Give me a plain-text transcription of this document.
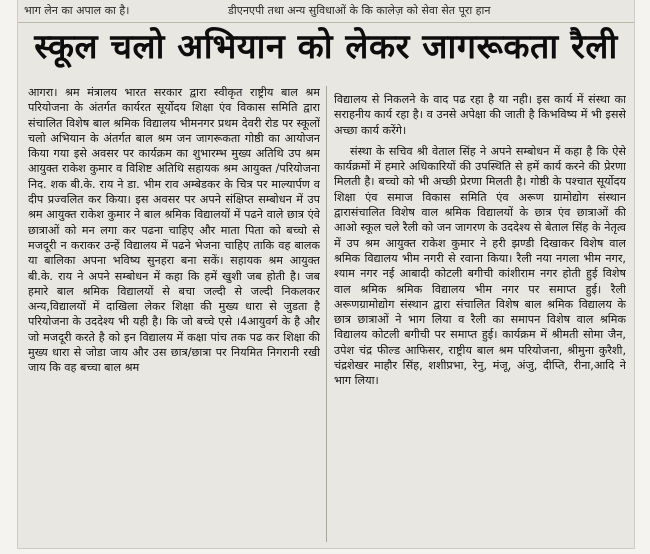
भाग लेन का अपाल का है।	डीएनएपी तथा अन्य सुविधाओं के कि कालेज़ को सेवा सेत पूरा हान
स्कूल चलो अभियान को लेकर जागरूकता रैली

आगरा। श्रम मंत्रालय भारत सरकार द्वारा स्वीकृत राष्ट्रीय बाल श्रम परियोजना के अंतर्गत कार्यरत सूर्योदय शिक्षा एंव विकास समिति द्वारा संचालित विशेष बाल श्रमिक विद्यालय भीमनगर प्रथम देवरी रोड पर स्कूलों चलो अभियान के अंतर्गत बाल श्रम जन जागरूकता गोष्ठी का आयोजन किया गया इसे अवसर पर कार्यक्रम का शुभारम्भ मुख्य अतिथि उप श्रम आयुक्त राकेश कुमार व विशिष्ट अतिथि सहायक श्रम आयुक्त /परियोजना निद. शक बी.के. राय ने डा. भीम राव अम्बेडकर के चित्र पर माल्यार्पण व दीप प्रज्वलित कर किया। इस अवसर पर अपने संक्षिप्त सम्बोधन में उप श्रम आयुक्त राकेश कुमार ने बाल श्रमिक विद्यालयों में पढने वाले छात्र एंवे छात्राओं को मन लगा कर पढना चाहिए और माता पिता को बच्चो से मजदूरी न कराकर उन्हें विद्यालय में पढने भेजना चाहिए ताकि वह बालक या बालिका अपना भविष्य सुनहरा बना सकें। सहायक श्रम आयुक्त बी.के. राय ने अपने सम्बोधन में कहा कि हमें खुशी जब होती है। जब हमारे बाल श्रमिक विद्यालयों से बचा जल्दी से जल्दी निकलकर अन्य,विद्यालयों में दाखिला लेकर शिक्षा की मुख्य धारा से जुडता है परियोजना के उददेश्य भी यही है। कि जो बच्चे एसे ।4आयुवर्ग के है और जो मजदूरी करते है को इन विद्यालय में कक्षा पांच तक पढ कर शिक्षा की मुख्य धारा से जोडा जाय और उस छात्र/छात्रा पर नियमित निगरानी रखी जाय कि वह बच्चा बाल श्रम

विद्यालय से निकलने के वाद पढ रहा है या नही। इस कार्य में संस्था का सराहनीय कार्य रहा है। व उनसे अपेक्षा की जाती है किभविष्य में भी इससे अच्छा कार्य करेंगे।

संस्था के सचिव श्री वेताल सिंह ने अपने सम्बोधन में कहा है कि ऐसे कार्यक्रमों में हमारे अधिकारियों की उपस्थिति से हमें कार्य करने की प्रेरणा मिलती है। बच्चो को भी अच्छी प्रेरणा मिलती है। गोष्ठी के पश्चात सूर्योदय शिक्षा एंव समाज विकास समिति एंव अरूण ग्रामोद्योग संस्थान द्वारासंचालित विशेष वाल श्रमिक विद्यालयों के छात्र एंव छात्राओं की आओ स्कूल चले रैली को जन जागरण के उददेश्य से बेताल सिंह के नेतृत्व में उप श्रम आयुक्त राकेश कुमार ने हरी झण्डी दिखाकर विशेष वाल श्रमिक विद्यालय भीम नगरी से रवाना किया। रैली नया नगला भीम नगर, श्याम नगर नई आबादी कोटली बगीची कांशीराम नगर होती हुई विशेष वाल श्रमिक श्रमिक विद्यालय भीम नगर पर समाप्त हुई। रैली अरूणग्रामोद्योग संस्थान द्वारा संचालित विशेष बाल श्रमिक विद्यालय के छात्र छात्राओं ने भाग लिया व रैली का समापन विशेष वाल श्रमिक विद्यालय कोटली बगीची पर समाप्त हुई। कार्यक्रम में श्रीमती सोमा जैन, उपेश चंद्र फील्ड आफिसर, राष्ट्रीय बाल श्रम परियोजना, श्रीमुना कुरैशी, चंद्रशेखर माहौर सिंह, शशीप्रभा, रेनु, मंजू, अंजु, दीप्ति, रीना,आदि ने भाग लिया।
